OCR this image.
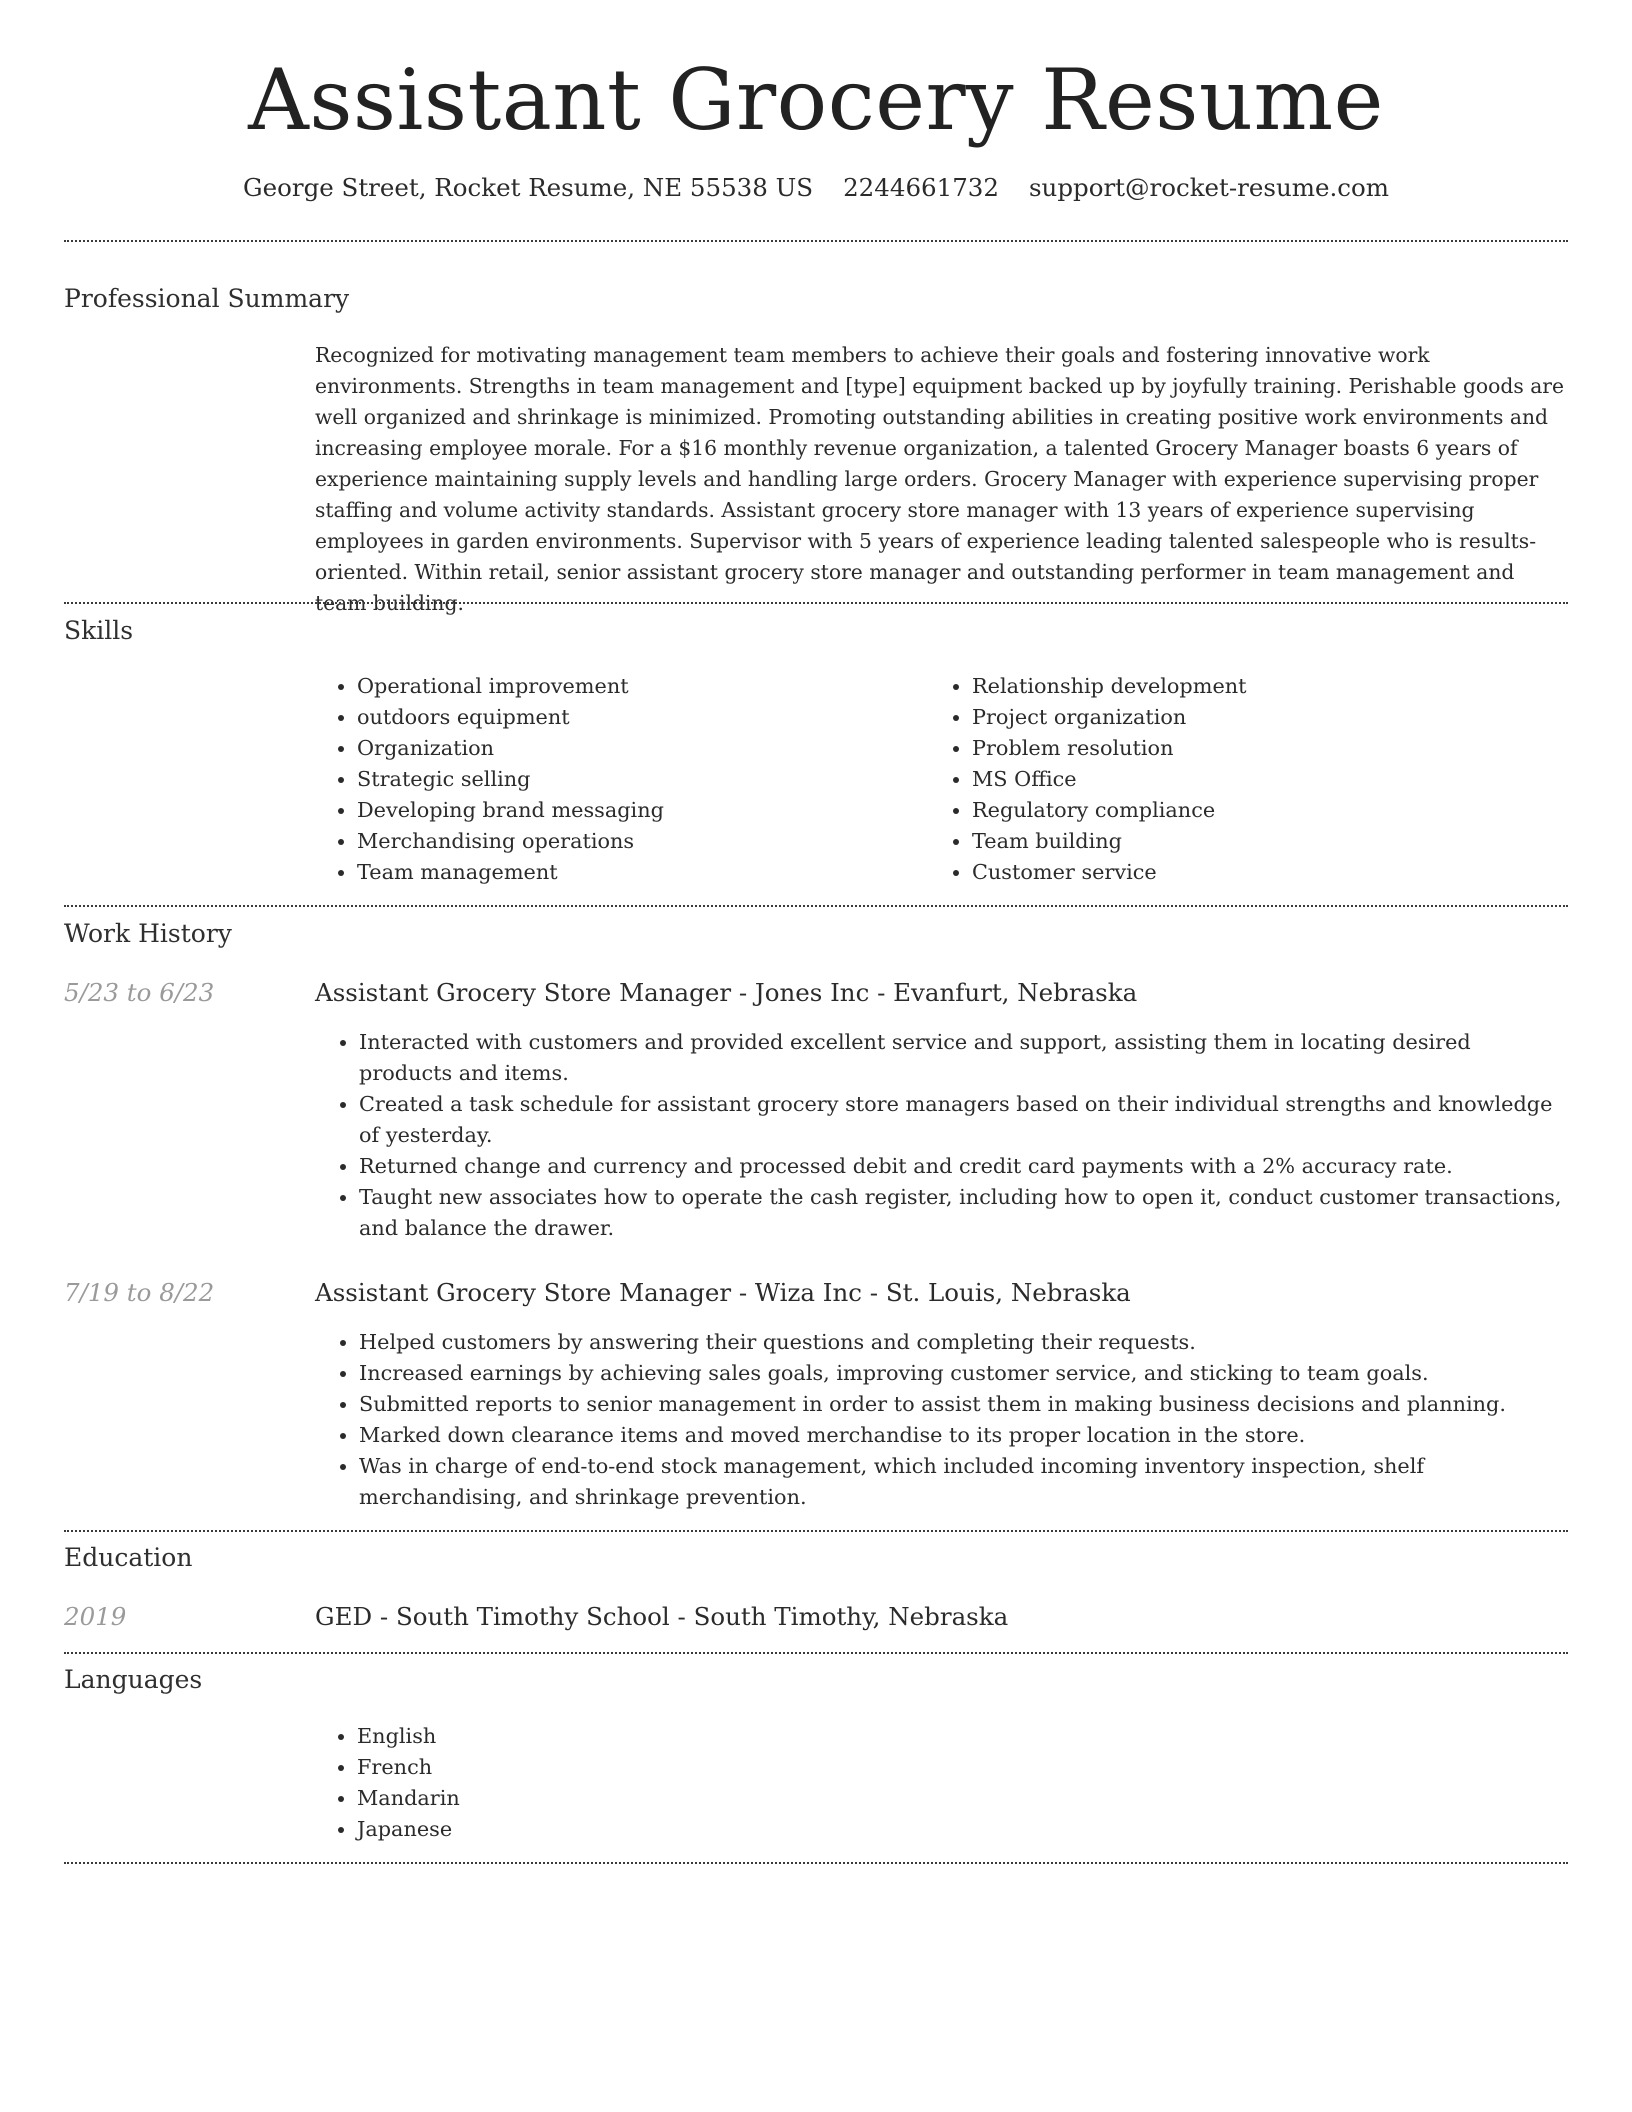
Assistant Grocery Resume
George Street, Rocket Resume, NE 55538 US 2244661732 support@rocket-resume.com
Professional Summary

Recognized for motivating management team members to achieve their goals and fostering innovative work environments. Strengths in team management and [type] equipment backed up by joyfully training. Perishable goods are well organized and shrinkage is minimized. Promoting outstanding abilities in creating positive work environments and increasing employee morale. For a $16 monthly revenue organization, a talented Grocery Manager boasts 6 years of experience maintaining supply levels and handling large orders. Grocery Manager with experience supervising proper staffing and volume activity standards. Assistant grocery store manager with 13 years of experience supervising employees in garden environments. Supervisor with 5 years of experience leading talented salespeople who is results-oriented. Within retail, senior assistant grocery store manager and outstanding performer in team management and team building.

Skills
• Operational improvement
• outdoors equipment
• Organization
• Strategic selling
• Developing brand messaging
• Merchandising operations
• Team management
• Relationship development
• Project organization
• Problem resolution
• MS Office
• Regulatory compliance
• Team building
• Customer service
Work History
5/23 to 6/23	Assistant Grocery Store Manager - Jones Inc - Evanfurt, Nebraska
• Interacted with customers and provided excellent service and support, assisting them in locating desired products and items.
• Created a task schedule for assistant grocery store managers based on their individual strengths and knowledge of yesterday.
• Returned change and currency and processed debit and credit card payments with a 2% accuracy rate.
• Taught new associates how to operate the cash register, including how to open it, conduct customer transactions, and balance the drawer.
7/19 to 8/22	Assistant Grocery Store Manager - Wiza Inc - St. Louis, Nebraska
• Helped customers by answering their questions and completing their requests.
• Increased earnings by achieving sales goals, improving customer service, and sticking to team goals.
• Submitted reports to senior management in order to assist them in making business decisions and planning.
• Marked down clearance items and moved merchandise to its proper location in the store.
• Was in charge of end-to-end stock management, which included incoming inventory inspection, shelf merchandising, and shrinkage prevention.
Education
2019	GED - South Timothy School - South Timothy, Nebraska
Languages
• English
• French
• Mandarin
• Japanese
